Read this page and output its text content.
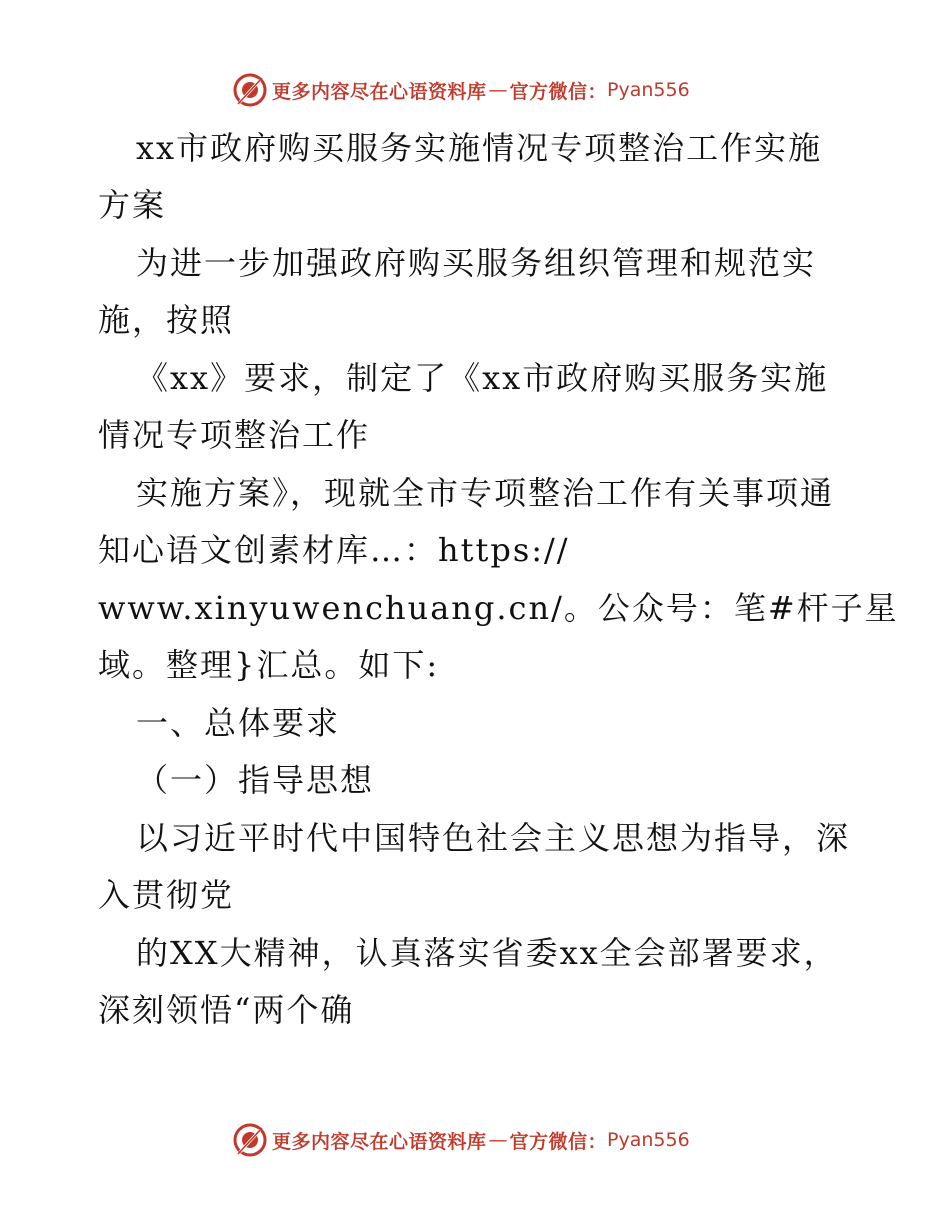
更多内容尽在心语资料库 — 官方微信： Pyan556
xx市政府购买服务实施情况专项整治工作实施
方案
为进一步加强政府购买服务组织管理和规范实
施，按照
《xx》要求，制定了《xx市政府购买服务实施
情况专项整治工作
实施方案》，现就全市专项整治工作有关事项通
知心语文创素材库…：https://
www.xinyuwenchuang.cn/。公众号：笔#杆子星
域。整理}汇总。如下:
一、总体要求
（一）指导思想
以习近平时代中国特色社会主义思想为指导，深
入贯彻党
的XX大精神，认真落实省委xx全会部署要求，
深刻领悟“两个确
更多内容尽在心语资料库 — 官方微信： Pyan556
